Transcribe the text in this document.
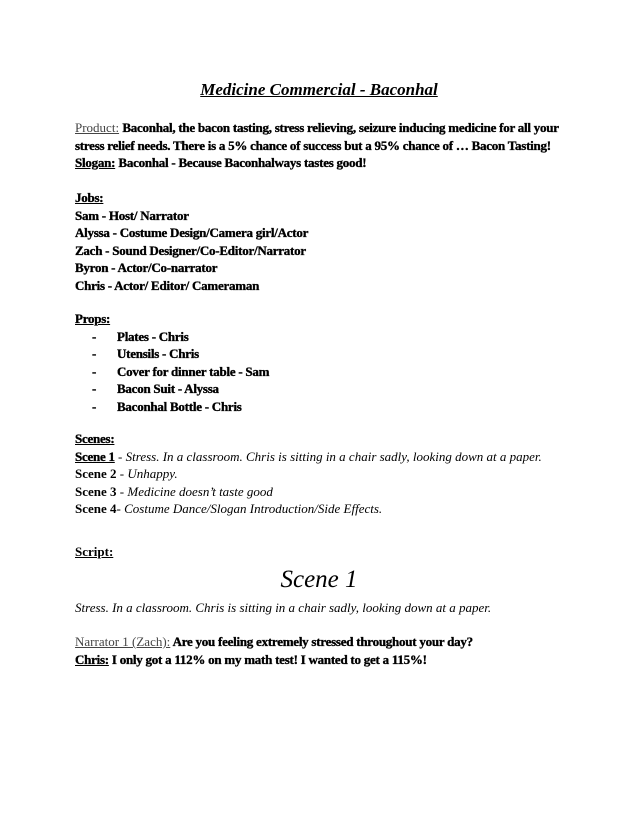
Medicine Commercial - Baconhal
Product: Baconhal, the bacon tasting, stress relieving, seizure inducing medicine for all your
stress relief needs. There is a 5% chance of success but a 95% chance of … Bacon Tasting!
Slogan: Baconhal - Because Baconhalways tastes good!
Jobs:
Sam - Host/ Narrator
Alyssa - Costume Design/Camera girl/Actor
Zach - Sound Designer/Co-Editor/Narrator
Byron - Actor/Co-narrator
Chris - Actor/ Editor/ Cameraman
Props:
- Plates - Chris
- Utensils - Chris
- Cover for dinner table - Sam
- Bacon Suit - Alyssa
- Baconhal Bottle - Chris
Scenes:
Scene 1 - Stress. In a classroom. Chris is sitting in a chair sadly, looking down at a paper.
Scene 2 - Unhappy.
Scene 3 - Medicine doesn’t taste good
Scene 4- Costume Dance/Slogan Introduction/Side Effects.
Script:
Scene 1
Stress. In a classroom. Chris is sitting in a chair sadly, looking down at a paper.
Narrator 1 (Zach): Are you feeling extremely stressed throughout your day?
Chris: I only got a 112% on my math test! I wanted to get a 115%!
